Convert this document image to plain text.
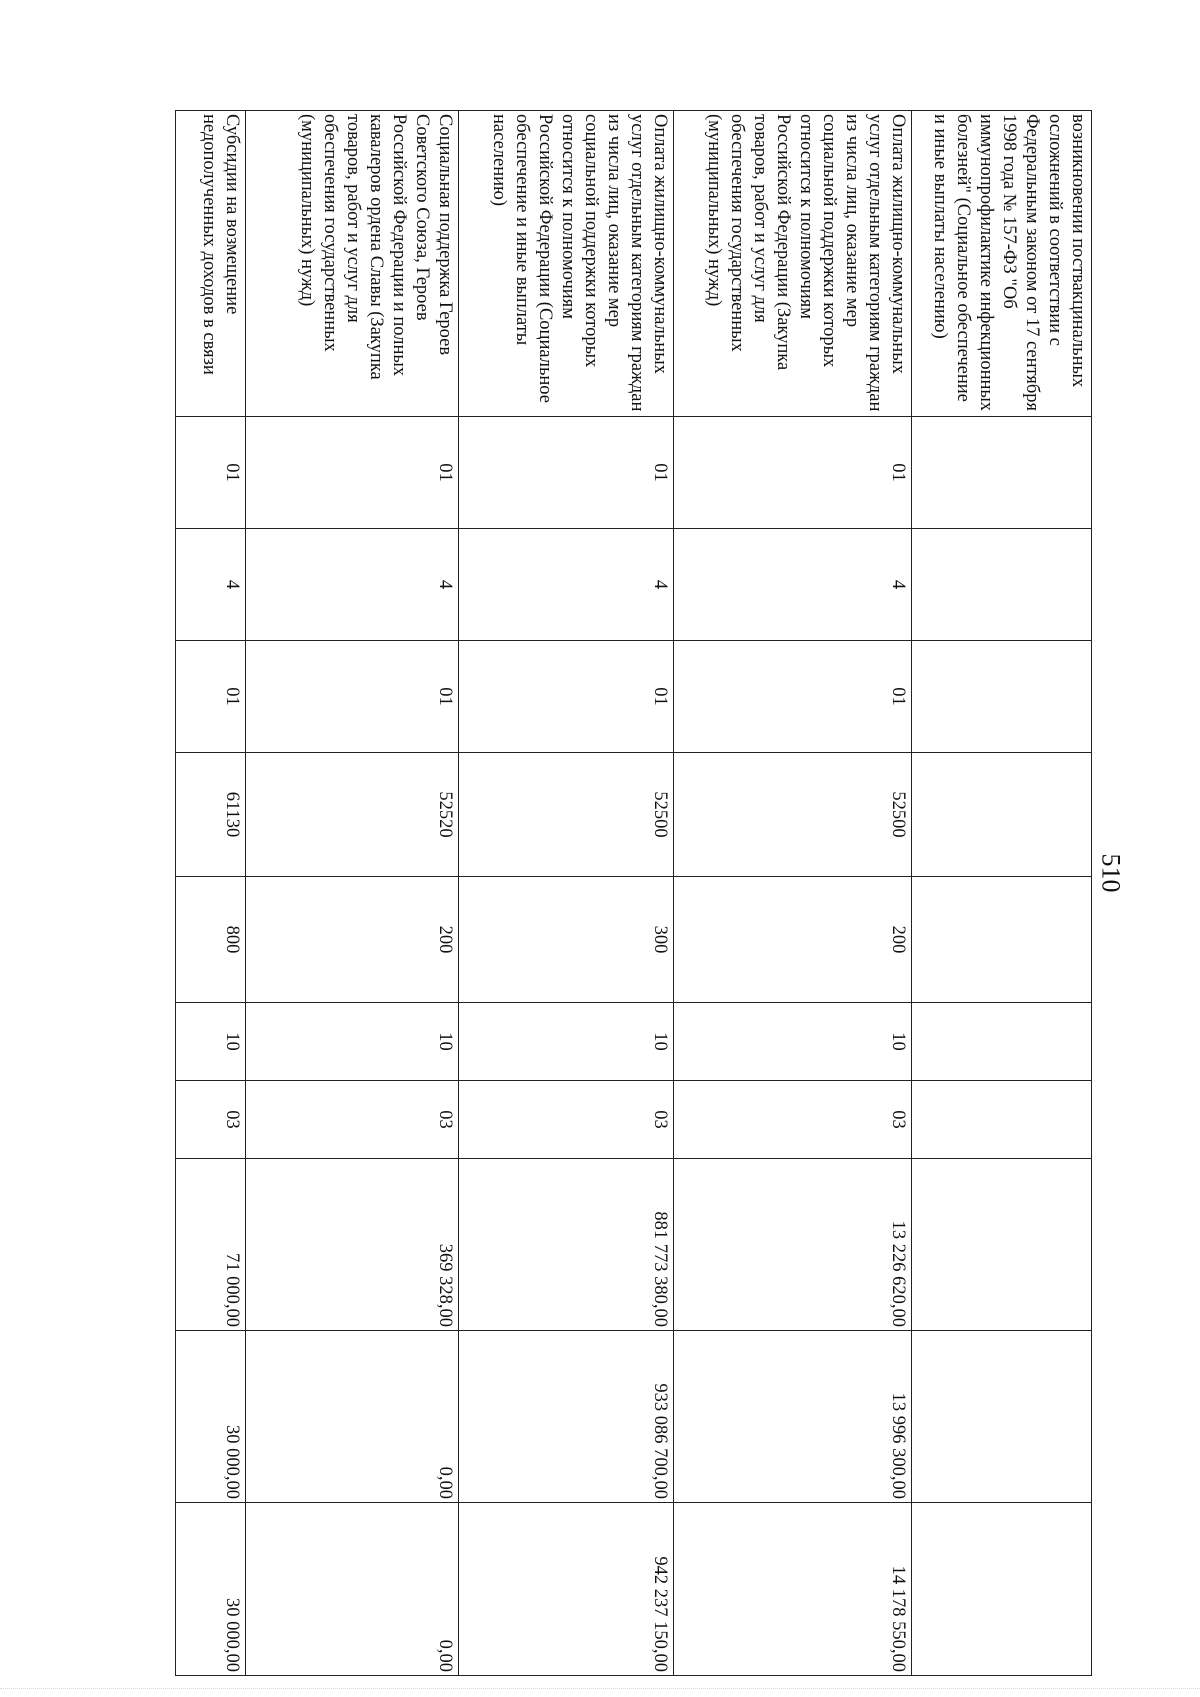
510
возникновении поствакцинальных осложнений в соответствии с Федеральным законом от 17 сентября 1998 года № 157-ФЗ "Об иммунопрофилактике инфекционных болезней" (Социальное обеспечение и иные выплаты населению)										
Оплата жилищно-коммунальных услуг отдельным категориям граждан из числа лиц, оказание мер социальной поддержки которых относится к полномочиям Российской Федерации (Закупка товаров, работ и услуг для обеспечения государственных (муниципальных) нужд)	01	4	01	52500	200	10	03	13 226 620,00	13 996 300,00	14 178 550,00
Оплата жилищно-коммунальных услуг отдельным категориям граждан из числа лиц, оказание мер социальной поддержки которых относится к полномочиям Российской Федерации (Социальное обеспечение и иные выплаты населению)	01	4	01	52500	300	10	03	881 773 380,00	933 086 700,00	942 237 150,00
Социальная поддержка Героев Советского Союза, Героев Российской Федерации и полных кавалеров ордена Славы (Закупка товаров, работ и услуг для обеспечения государственных (муниципальных) нужд)	01	4	01	52520	200	10	03	369 328,00	0,00	0,00
Субсидии на возмещение недополученных доходов в связи	01	4	01	61130	800	10	03	71 000,00	30 000,00	30 000,00
